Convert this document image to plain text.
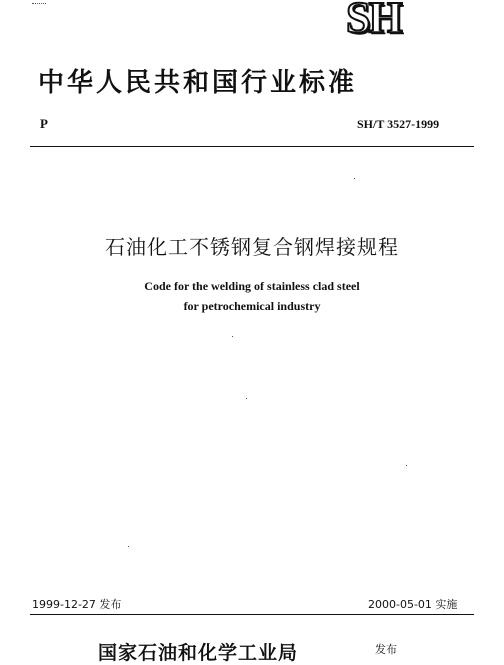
SH
中华人民共和国行业标准
P	SH/T 3527-1999
石油化工不锈钢复合钢焊接规程
Code for the welding of stainless clad steel
for petrochemical industry
1999-12-27 发布	2000-05-01 实施
国家石油和化学工业局	发布
